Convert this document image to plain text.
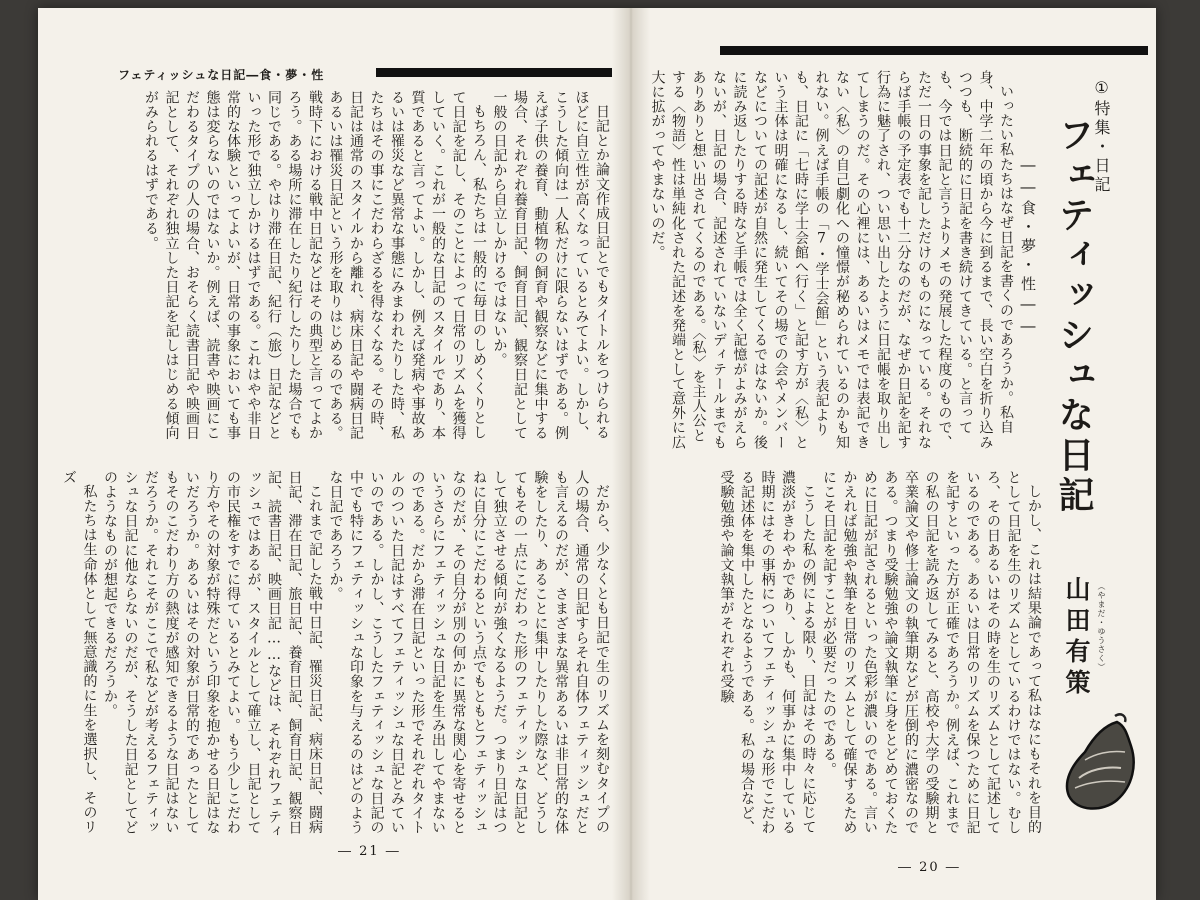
フェティッシュな日記―食・夢・性

日記とか論文作成日記とでもタイトルをつけられるほどに自立性が高くなっているとみてよい。しかし、こうした傾向は一人私だけに限らないはずである。例えば子供の養育、動植物の飼育や観察などに集中する場合、それぞれ養育日記、飼育日記、観察日記として一般の日記から自立しかけるではないか。

もちろん、私たちは一般的に毎日のしめくくりとして日記を記し、そのことによって日常のリズムを獲得していく。これが一般的な日記のスタイルであり、本質であると言ってよい。しかし、例えば発病や事故あるいは罹災など異常な事態にみまわれたりした時、私たちはその事にこだわらざるを得なくなる。その時、日記は通常のスタイルから離れ、病床日記や闘病日記あるいは罹災日記という形を取りはじめるのである。戦時下における戦中日記などはその典型と言ってよかろう。ある場所に滞在したり紀行したりした場合でも同じである。やはり滞在日記、紀行（旅）日記などといった形で独立しかけるはずである。これはやや非日常的な体験といってよいが、日常の事象においても事態は変らないのではないか。例えば、読書や映画にこだわるタイプの人の場合、おそらく読書日記や映画日記として、それぞれ独立した日記を記しはじめる傾向がみられるはずである。

だから、少なくとも日記で生のリズムを刻むタイプの人の場合、通常の日記すらそれ自体フェティッシュだとも言えるのだが、さまざまな異常あるいは非日常的な体験をしたり、あることに集中したりした際など、どうしてもその一点にこだわった形のフェティッシュな日記として独立させる傾向が強くなるようだ。つまり日記はつねに自分にこだわるという点でもともとフェティッシュなのだが、その自分が別の何かに異常な関心を寄せるというさらにフェティッシュな日記を生み出してやまないのである。だから滞在日記といった形でそれぞれタイトルのついた日記はすべてフェティッシュな日記とみていいのである。しかし、こうしたフェティッシュな日記の中でも特にフェティッシュな印象を与えるのはどのような日記であろうか。

これまで記した戦中日記、罹災日記、病床日記、闘病日記、滞在日記、旅日記、養育日記、飼育日記、観察日記、読書日記、映画日記……などは、それぞれフェティッシュではあるが、スタイルとして確立し、日記としての市民権をすでに得ているとみてよい。もう少しこだわり方やその対象が特殊だという印象を抱かせる日記はないだろうか。あるいはその対象が日常的であったとしてもそのこだわり方の熱度が感知できるような日記はないだろうか。それこそがここで私などが考えるフェティッシュな日記に他ならないのだが、そうした日記としてどのようなものが想起できるだろうか。

私たちは生命体として無意識的に生を選択し、そのリズ

― 21 ―
①特集・日記
フェティッシュな日記
――食・夢・性――

いったい私たちはなぜ日記を書くのであろうか。私自身、中学二年の頃から今に到るまで、長い空白を折り込みつつも、断続的に日記を書き続けてきている。と言っても、今では日記と言うよりメモの発展した程度のもので、ただ一日の事象を記しただけのものになっている。それならば手帳の予定表でも十二分なのだが、なぜか日記を記す行為に魅了され、つい思い出したように日記帳を取り出してしまうのだ。その心裡には、あるいはメモでは表記できない〈私〉の自己劇化への憧憬が秘められているのかも知れない。例えば手帳の「7・学士会館」という表記よりも、日記に「七時に学士会館へ行く」と記す方が〈私〉という主体は明確になるし、続いてその場での会やメンバーなどについての記述が自然に発生してくるではないか。後に読み返したりする時など手帳では全く記憶がよみがえらないが、日記の場合、記述されていないディテールまでもありありと想い出されてくるのである。〈私〉を主人公とする〈物語〉性は単純化された記述を発端として意外に広大に拡がってやまないのだ。

しかし、これは結果論であって私はなにもそれを目的として日記を生のリズムとしているわけではない。むしろ、その日あるいはその時を生のリズムとして記述しているのである。あるいは日常のリズムを保つために日記を記すといった方が正確であろうか。例えば、これまでの私の日記を読み返してみると、高校や大学の受験期と卒業論文や修士論文の執筆期などが圧倒的に濃密なのである。つまり受験勉強や論文執筆に身をとどめておくために日記が記されるといった色彩が濃いのである。言いかえれば勉強や執筆を日常のリズムとして確保するためにこそ日記を記すことが必要だったのである。

こうした私の例による限り、日記はその時々に応じて濃淡がきわやかであり、しかも、何事かに集中している時期にはその事柄についてフェティッシュな形でこだわる記述体を集中したとなるようである。私の場合など、受験勉強や論文執筆がそれぞれ受験	（やまだ・ゆうさく）
山田有策
― 20 ―
